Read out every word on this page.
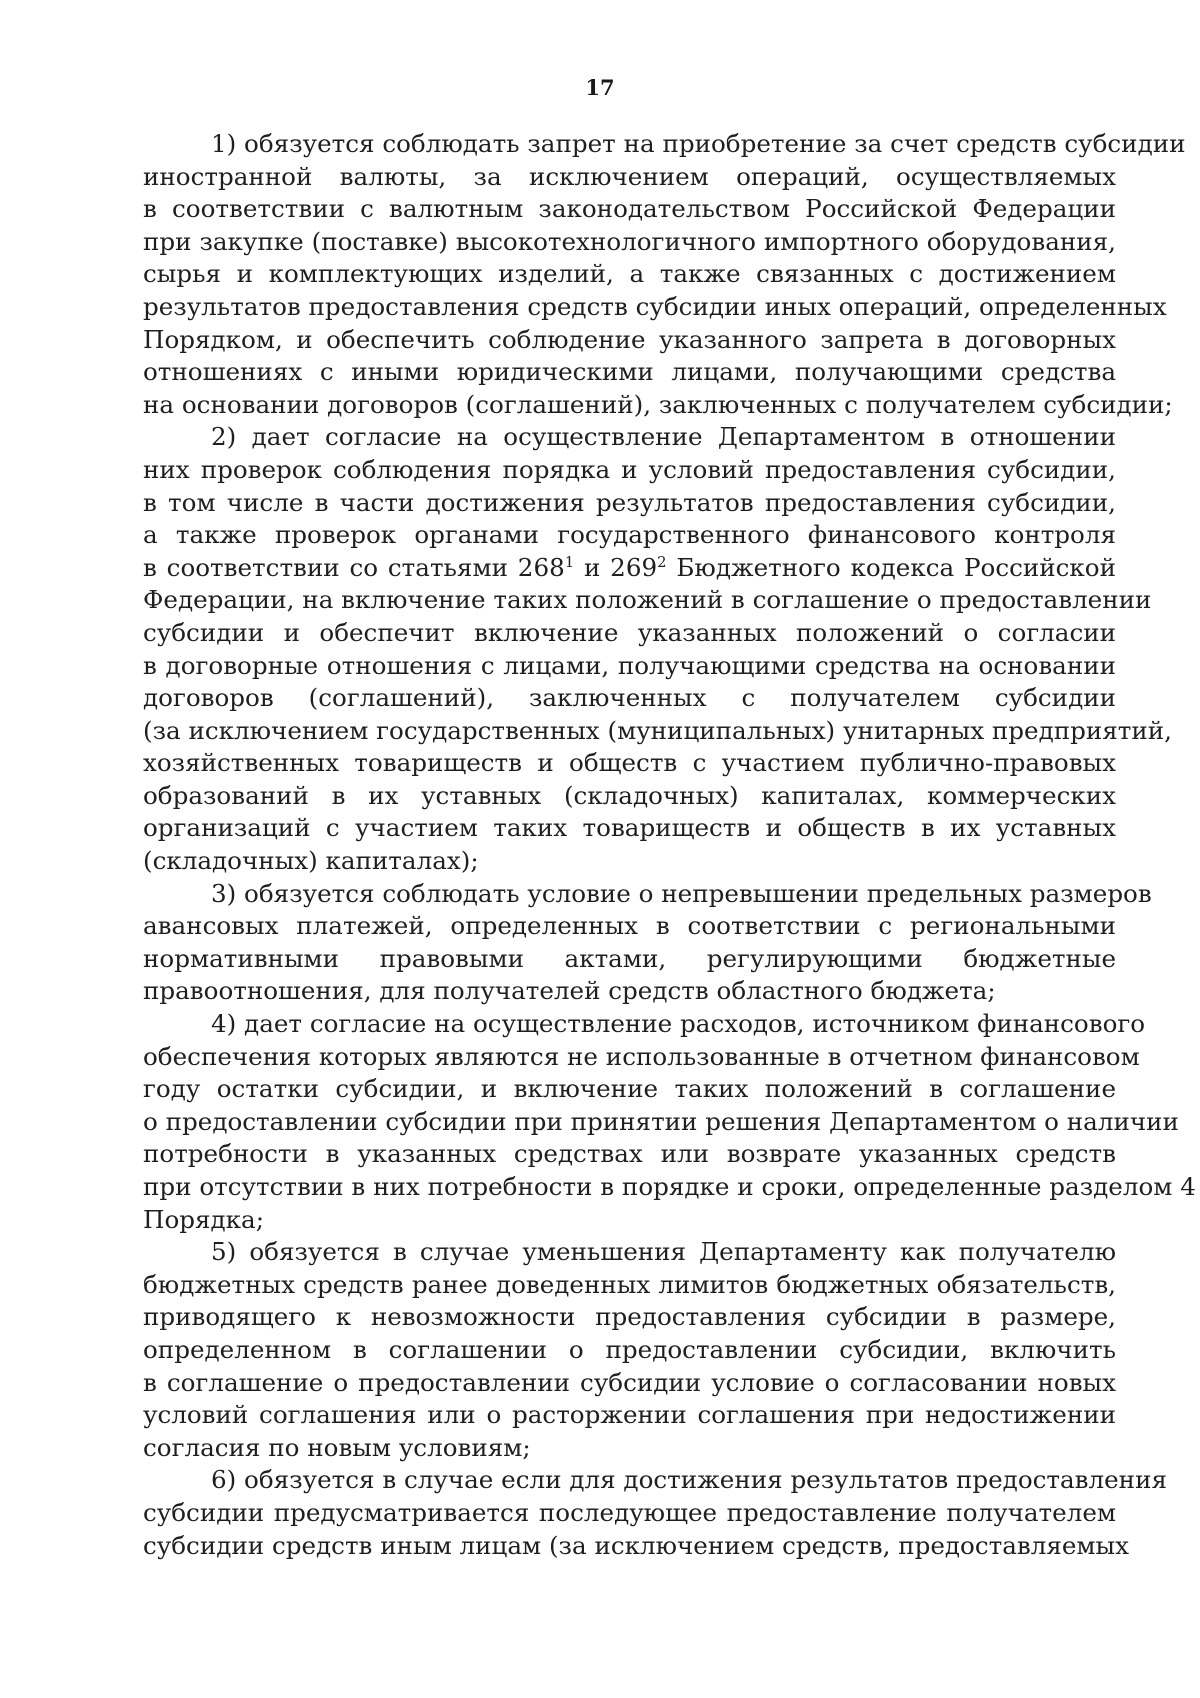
17
1) обязуется соблюдать запрет на приобретение за счет средств субсидии
иностранной валюты, за исключением операций, осуществляемых
в соответствии с валютным законодательством Российской Федерации
при закупке (поставке) высокотехнологичного импортного оборудования,
сырья и комплектующих изделий, а также связанных с достижением
результатов предоставления средств субсидии иных операций, определенных
Порядком, и обеспечить соблюдение указанного запрета в договорных
отношениях с иными юридическими лицами, получающими средства
на основании договоров (соглашений), заключенных с получателем субсидии;
2) дает согласие на осуществление Департаментом в отношении
них проверок соблюдения порядка и условий предоставления субсидии,
в том числе в части достижения результатов предоставления субсидии,
а также проверок органами государственного финансового контроля
в соответствии со статьями $268^1$ и $269^2$ Бюджетного кодекса Российской
Федерации, на включение таких положений в соглашение о предоставлении
субсидии и обеспечит включение указанных положений о согласии
в договорные отношения с лицами, получающими средства на основании
договоров (соглашений), заключенных с получателем субсидии
(за исключением государственных (муниципальных) унитарных предприятий,
хозяйственных товариществ и обществ с участием публично-правовых
образований в их уставных (складочных) капиталах, коммерческих
организаций с участием таких товариществ и обществ в их уставных
(складочных) капиталах);
3) обязуется соблюдать условие о непревышении предельных размеров
авансовых платежей, определенных в соответствии с региональными
нормативными правовыми актами, регулирующими бюджетные
правоотношения, для получателей средств областного бюджета;
4) дает согласие на осуществление расходов, источником финансового
обеспечения которых являются не использованные в отчетном финансовом
году остатки субсидии, и включение таких положений в соглашение
о предоставлении субсидии при принятии решения Департаментом о наличии
потребности в указанных средствах или возврате указанных средств
при отсутствии в них потребности в порядке и сроки, определенные разделом 4
Порядка;
5) обязуется в случае уменьшения Департаменту как получателю
бюджетных средств ранее доведенных лимитов бюджетных обязательств,
приводящего к невозможности предоставления субсидии в размере,
определенном в соглашении о предоставлении субсидии, включить
в соглашение о предоставлении субсидии условие о согласовании новых
условий соглашения или о расторжении соглашения при недостижении
согласия по новым условиям;
6) обязуется в случае если для достижения результатов предоставления
субсидии предусматривается последующее предоставление получателем
субсидии средств иным лицам (за исключением средств, предоставляемых
